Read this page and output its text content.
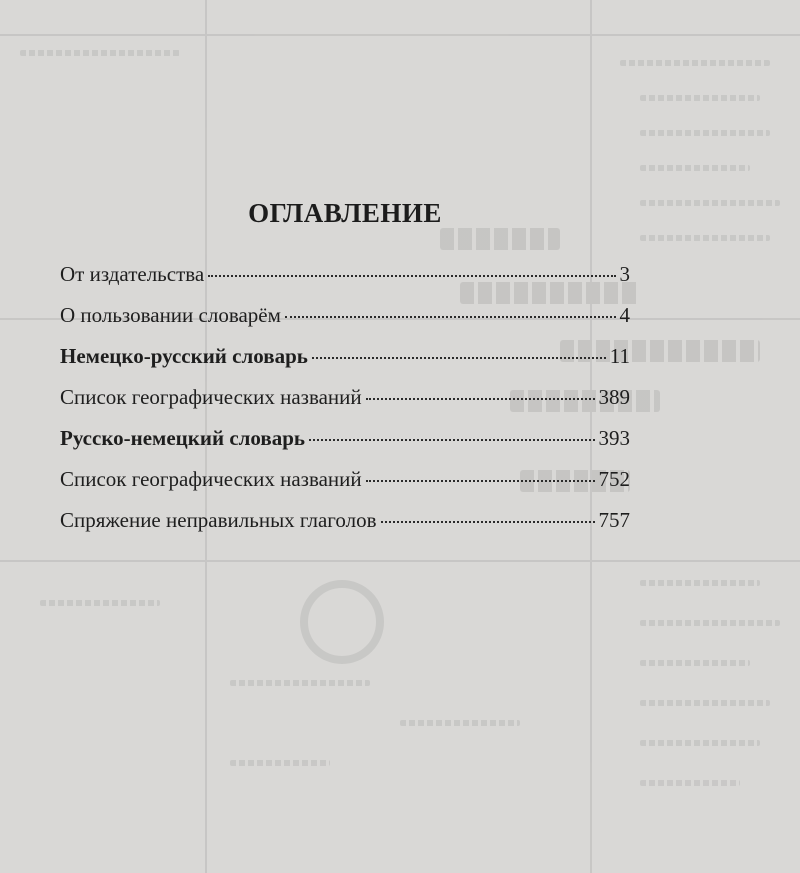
ОГЛАВЛЕНИЕ
От издательства	3
О пользовании словарём	4
Немецко-русский словарь	11
Список географических названий	389
Русско-немецкий словарь	393
Список географических названий	752
Спряжение неправильных глаголов	757
